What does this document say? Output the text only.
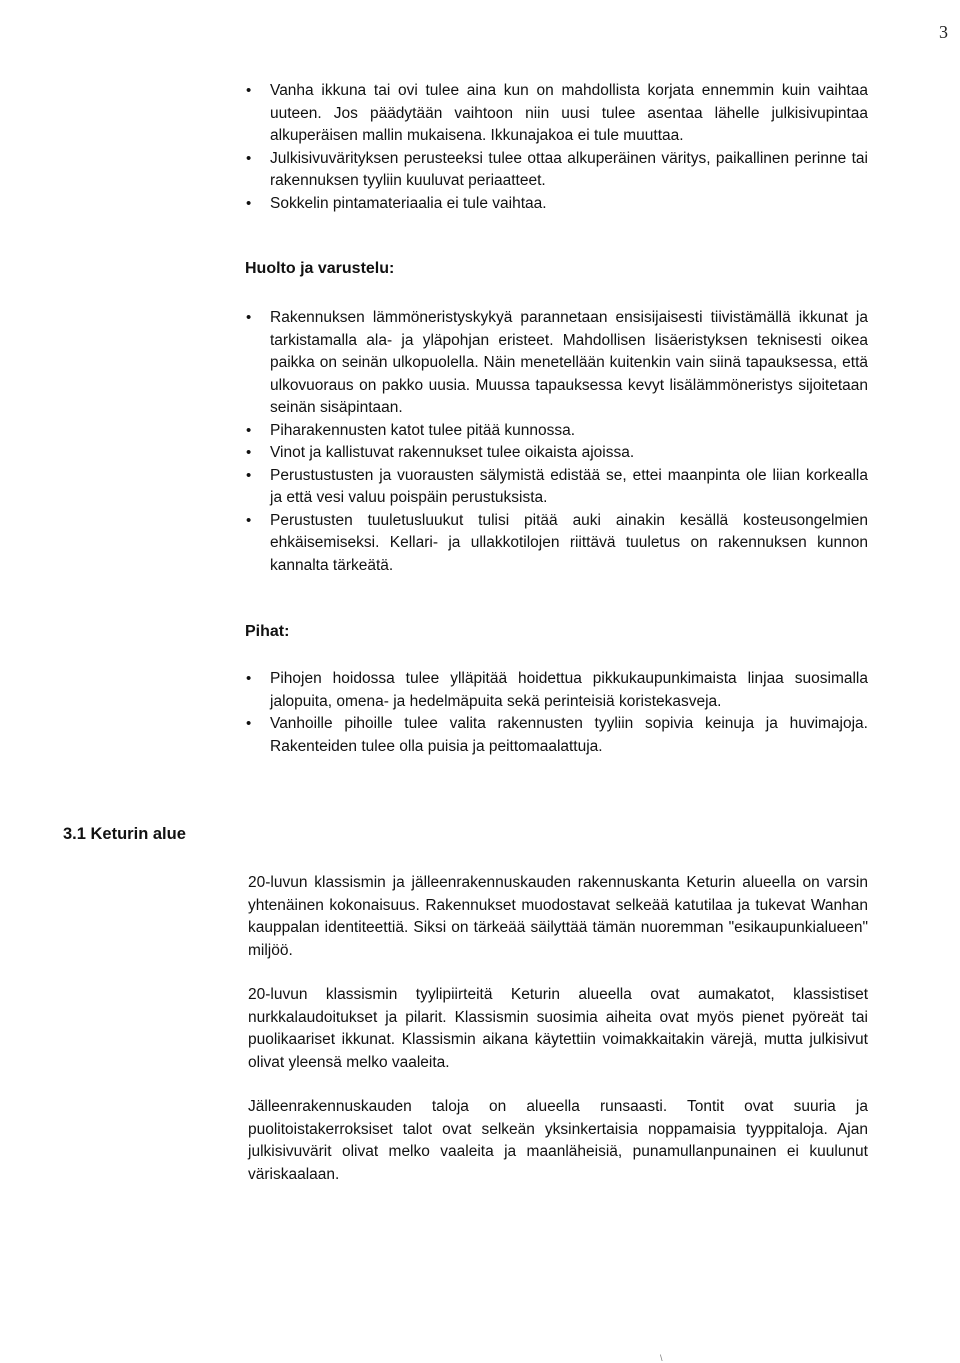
3
• Vanha ikkuna tai ovi tulee aina kun on mahdollista korjata ennemmin kuin vaihtaa uuteen. Jos päädytään vaihtoon niin uusi tulee asentaa lähelle julkisivupintaa alkuperäisen mallin mukaisena. Ikkunajakoa ei tule muuttaa.
• Julkisivuvärityksen perusteeksi tulee ottaa alkuperäinen väritys, paikallinen perinne tai rakennuksen tyyliin kuuluvat periaatteet.
• Sokkelin pintamateriaalia ei tule vaihtaa.
Huolto ja varustelu:
• Rakennuksen lämmöneristyskykyä parannetaan ensisijaisesti tiivistämällä ikkunat ja tarkistamalla ala- ja yläpohjan eristeet. Mahdollisen lisäeristyksen teknisesti oikea paikka on seinän ulkopuolella. Näin menetellään kuitenkin vain siinä tapauksessa, että ulkovuoraus on pakko uusia. Muussa tapauksessa kevyt lisälämmöneristys sijoitetaan seinän sisäpintaan.
• Piharakennusten katot tulee pitää kunnossa.
• Vinot ja kallistuvat rakennukset tulee oikaista ajoissa.
• Perustustusten ja vuorausten sälymistä edistää se, ettei maanpinta ole liian korkealla ja että vesi valuu poispäin perustuksista.
• Perustusten tuuletusluukut tulisi pitää auki ainakin kesällä kosteusongelmien ehkäisemiseksi. Kellari- ja ullakkotilojen riittävä tuuletus on rakennuksen kunnon kannalta tärkeätä.
Pihat:
• Pihojen hoidossa tulee ylläpitää hoidettua pikkukaupunkimaista linjaa suosimalla jalopuita, omena- ja hedelmäpuita sekä perinteisiä koristekasveja.
• Vanhoille pihoille tulee valita rakennusten tyyliin sopivia keinuja ja huvimajoja. Rakenteiden tulee olla puisia ja peittomaalattuja.
3.1 Keturin alue

20-luvun klassismin ja jälleenrakennuskauden rakennuskanta Keturin alueella on varsin yhtenäinen kokonaisuus. Rakennukset muodostavat selkeää katutilaa ja tukevat Wanhan kauppalan identiteettiä. Siksi on tärkeää säilyttää tämän nuoremman "esikaupunkialueen" miljöö.

20-luvun klassismin tyylipiirteitä Keturin alueella ovat aumakatot, klassistiset nurkkalaudoitukset ja pilarit. Klassismin suosimia aiheita ovat myös pienet pyöreät tai puolikaariset ikkunat. Klassismin aikana käytettiin voimakkaitakin värejä, mutta julkisivut olivat yleensä melko vaaleita.

Jälleenrakennuskauden taloja on alueella runsaasti. Tontit ovat suuria ja puolitoistakerroksiset talot ovat selkeän yksinkertaisia noppamaisia tyyppitaloja. Ajan julkisivuvärit olivat melko vaaleita ja maanläheisiä, punamullanpunainen ei kuulunut väriskaalaan.

\
